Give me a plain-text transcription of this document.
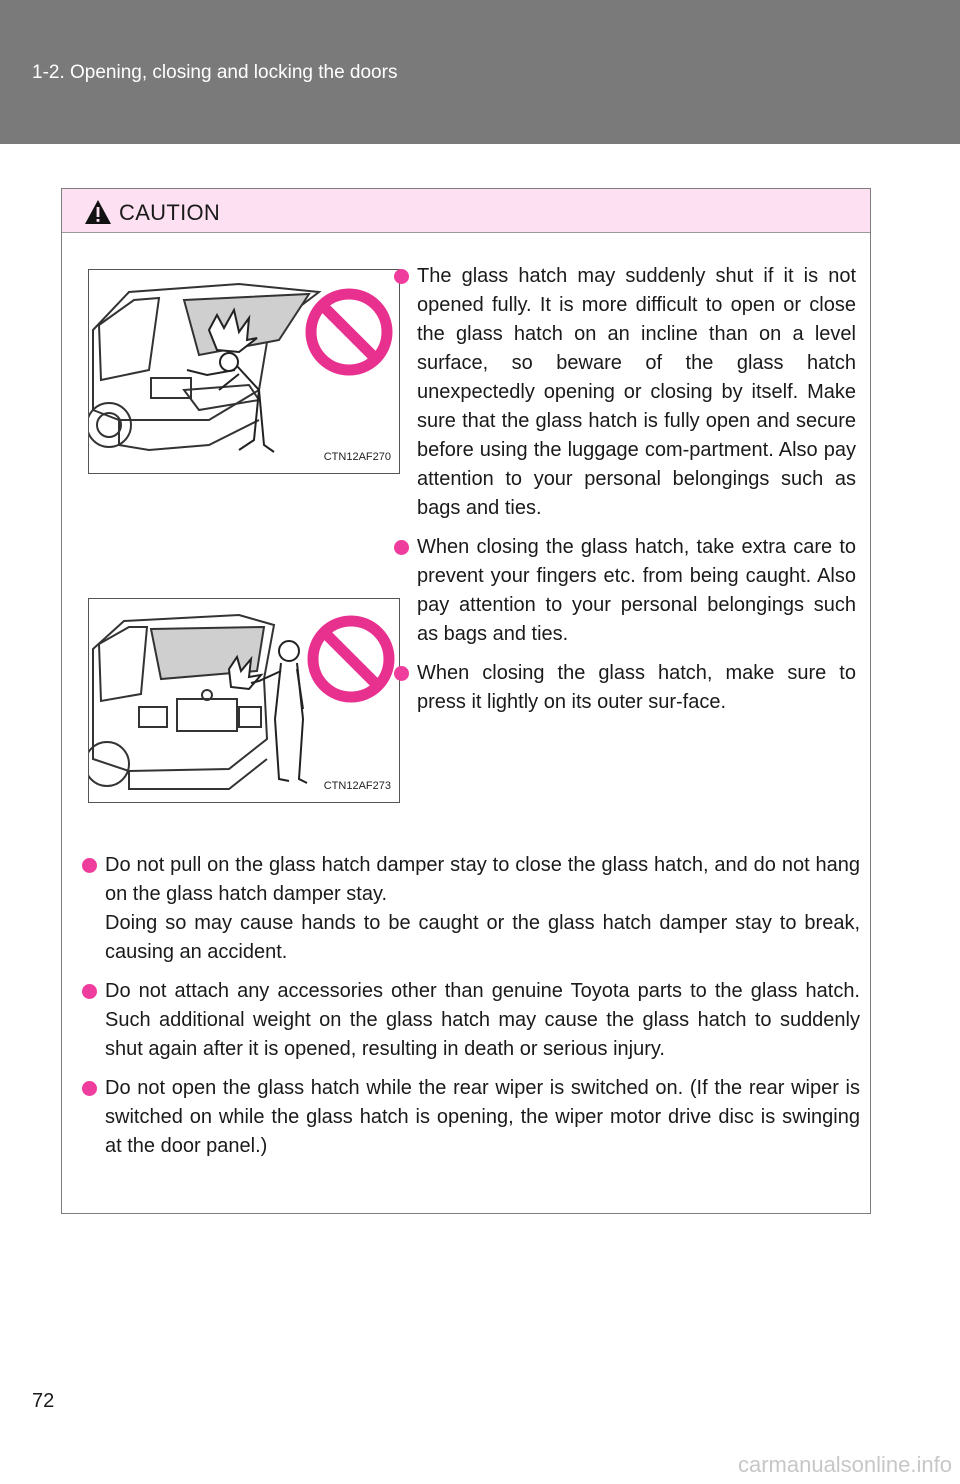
1-2. Opening, closing and locking the doors
CAUTION
CTN12AF270
CTN12AF273
The glass hatch may suddenly shut if it is not opened fully. It is more difficult to open or close the glass hatch on an incline than on a level surface, so beware of the glass hatch unexpectedly opening or closing by itself. Make sure that the glass hatch is fully open and secure before using the luggage com-partment. Also pay attention to your personal belongings such as bags and ties.
When closing the glass hatch, take extra care to prevent your fingers etc. from being caught. Also pay attention to your personal belongings such as bags and ties.
When closing the glass hatch, make sure to press it lightly on its outer sur-face.
Do not pull on the glass hatch damper stay to close the glass hatch, and do not hang on the glass hatch damper stay.
Doing so may cause hands to be caught or the glass hatch damper stay to break, causing an accident.
Do not attach any accessories other than genuine Toyota parts to the glass hatch. Such additional weight on the glass hatch may cause the glass hatch to suddenly shut again after it is opened, resulting in death or serious injury.
Do not open the glass hatch while the rear wiper is switched on. (If the rear wiper is switched on while the glass hatch is opening, the wiper motor drive disc is swinging at the door panel.)
72
carmanualsonline.info
